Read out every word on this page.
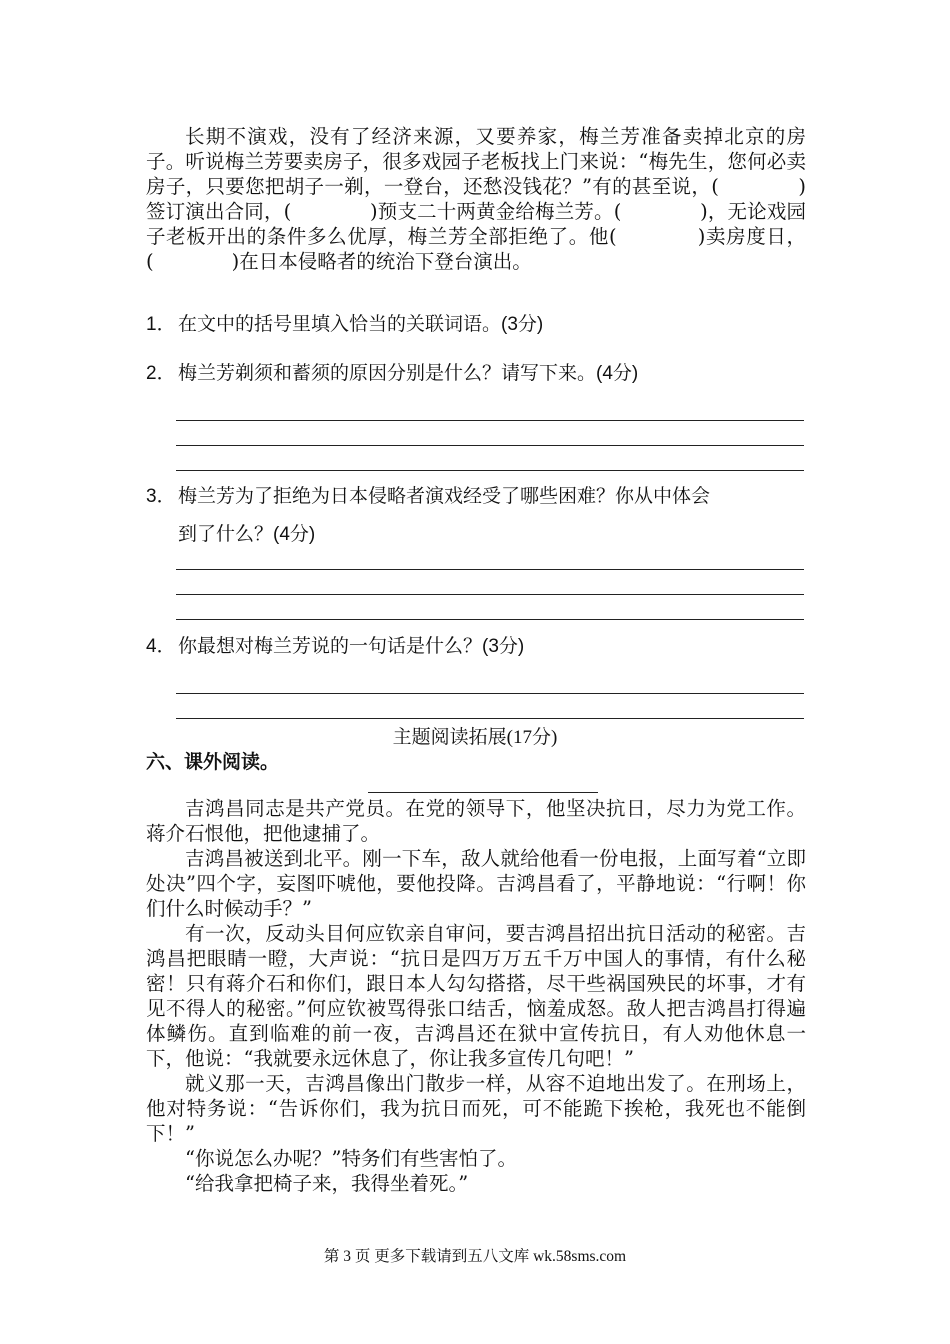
长期不演戏，没有了经济来源，又要养家，梅兰芳准备卖掉北京的房子。听说梅兰芳要卖房子，很多戏园子老板找上门来说：“梅先生，您何必卖房子，只要您把胡子一剃，一登台，还愁没钱花？”有的甚至说，(　　　　)签订演出合同，(　　　　)预支二十两黄金给梅兰芳。(　　　　)，无论戏园子老板开出的条件多么优厚，梅兰芳全部拒绝了。他(　　　　)卖房度日，(　　　　)在日本侵略者的统治下登台演出。

1． 在文中的括号里填入恰当的关联词语。(3分)
2． 梅兰芳剃须和蓄须的原因分别是什么？请写下来。(4分)
3． 梅兰芳为了拒绝为日本侵略者演戏经受了哪些困难？你从中体会
到了什么？(4分)
4． 你最想对梅兰芳说的一句话是什么？(3分)
主题阅读拓展(17分)
六、课外阅读。

吉鸿昌同志是共产党员。在党的领导下，他坚决抗日，尽力为党工作。蒋介石恨他，把他逮捕了。

吉鸿昌被送到北平。刚一下车，敌人就给他看一份电报，上面写着“立即处决”四个字，妄图吓唬他，要他投降。吉鸿昌看了，平静地说：“行啊！你们什么时候动手？”

有一次，反动头目何应钦亲自审问，要吉鸿昌招出抗日活动的秘密。吉鸿昌把眼睛一瞪，大声说：“抗日是四万万五千万中国人的事情，有什么秘密！只有蒋介石和你们，跟日本人勾勾搭搭，尽干些祸国殃民的坏事，才有见不得人的秘密。”何应钦被骂得张口结舌，恼羞成怒。敌人把吉鸿昌打得遍体鳞伤。直到临难的前一夜，吉鸿昌还在狱中宣传抗日，有人劝他休息一下，他说：“我就要永远休息了，你让我多宣传几句吧！”

就义那一天，吉鸿昌像出门散步一样，从容不迫地出发了。在刑场上，他对特务说：“告诉你们，我为抗日而死，可不能跪下挨枪，我死也不能倒下！”

“你说怎么办呢？”特务们有些害怕了。

“给我拿把椅子来，我得坐着死。”

第 3 页 更多下载请到五八文库 wk.58sms.com
